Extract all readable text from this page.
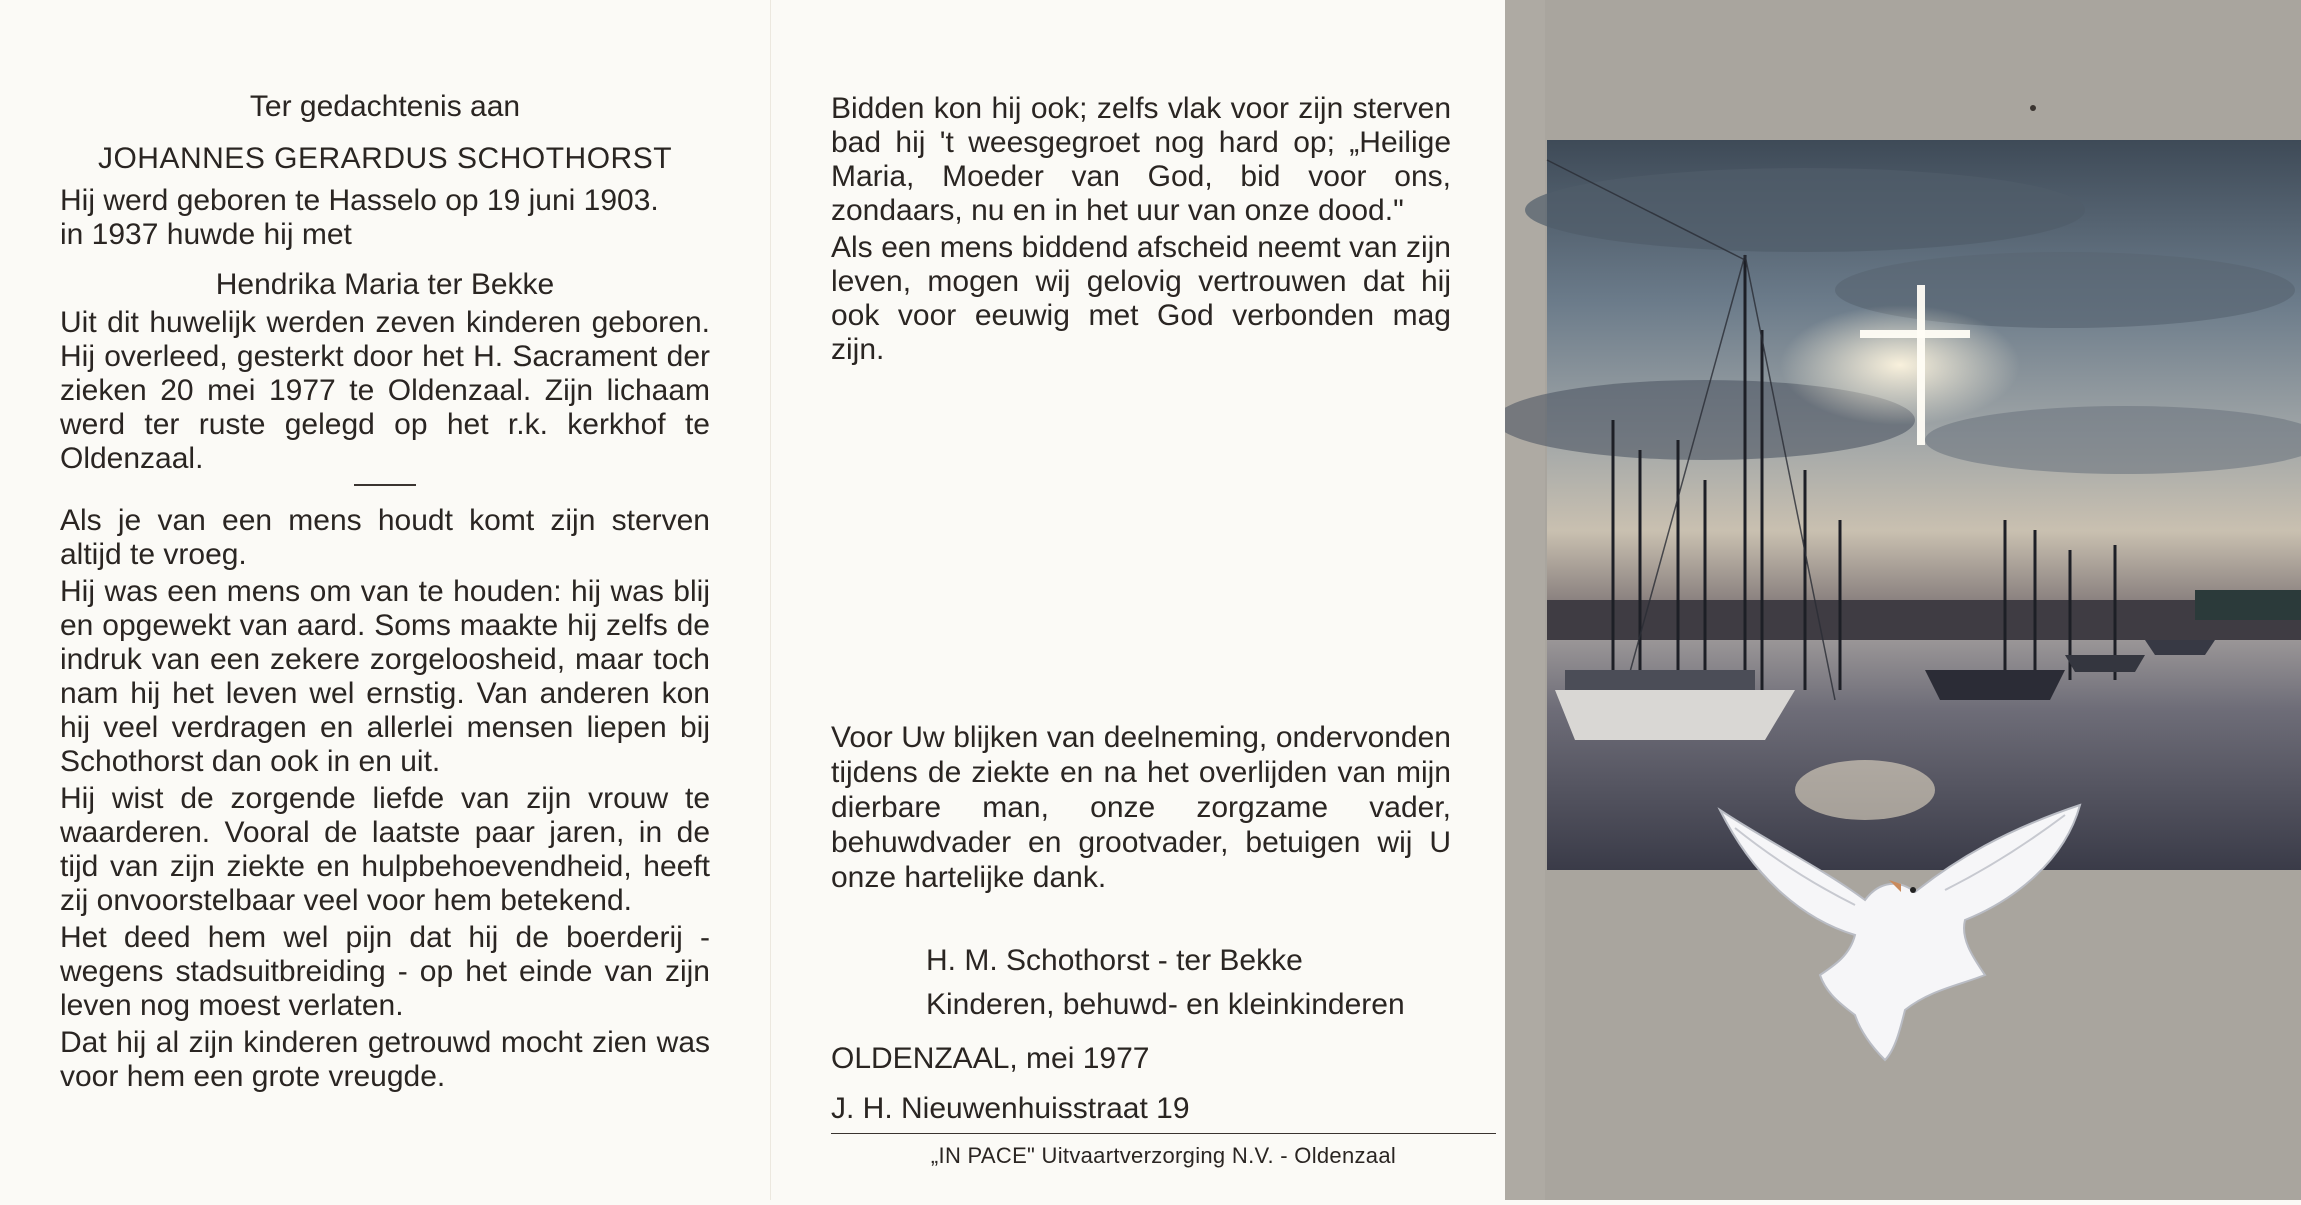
Ter gedachtenis aan
JOHANNES GERARDUS SCHOTHORST
Hij werd geboren te Hasselo op 19 juni 1903.
in 1937 huwde hij met
Hendrika Maria ter Bekke
Uit dit huwelijk werden zeven kinderen geboren. Hij overleed, gesterkt door het H. Sacrament der zieken 20 mei 1977 te Oldenzaal. Zijn lichaam werd ter ruste gelegd op het r.k. kerkhof te Oldenzaal.

Als je van een mens houdt komt zijn sterven altijd te vroeg.

Hij was een mens om van te houden: hij was blij en opgewekt van aard. Soms maakte hij zelfs de indruk van een zekere zorgeloosheid, maar toch nam hij het leven wel ernstig. Van anderen kon hij veel verdragen en allerlei mensen liepen bij Schothorst dan ook in en uit.

Hij wist de zorgende liefde van zijn vrouw te waarderen. Vooral de laatste paar jaren, in de tijd van zijn ziekte en hulpbehoevendheid, heeft zij onvoorstelbaar veel voor hem betekend.

Het deed hem wel pijn dat hij de boerderij - wegens stadsuitbreiding - op het einde van zijn leven nog moest verlaten.

Dat hij al zijn kinderen getrouwd mocht zien was voor hem een grote vreugde.

Bidden kon hij ook; zelfs vlak voor zijn sterven bad hij 't weesgegroet nog hard op; „Heilige Maria, Moeder van God, bid voor ons, zondaars, nu en in het uur van onze dood."

Als een mens biddend afscheid neemt van zijn leven, mogen wij gelovig vertrouwen dat hij ook voor eeuwig met God verbonden mag zijn.

Voor Uw blijken van deelneming, ondervonden tijdens de ziekte en na het overlijden van mijn dierbare man, onze zorgzame vader, behuwdvader en grootvader, betuigen wij U onze hartelijke dank.
H. M. Schothorst - ter Bekke
Kinderen, behuwd- en kleinkinderen
OLDENZAAL, mei 1977
J. H. Nieuwenhuisstraat 19
„IN PACE" Uitvaartverzorging N.V. - Oldenzaal
